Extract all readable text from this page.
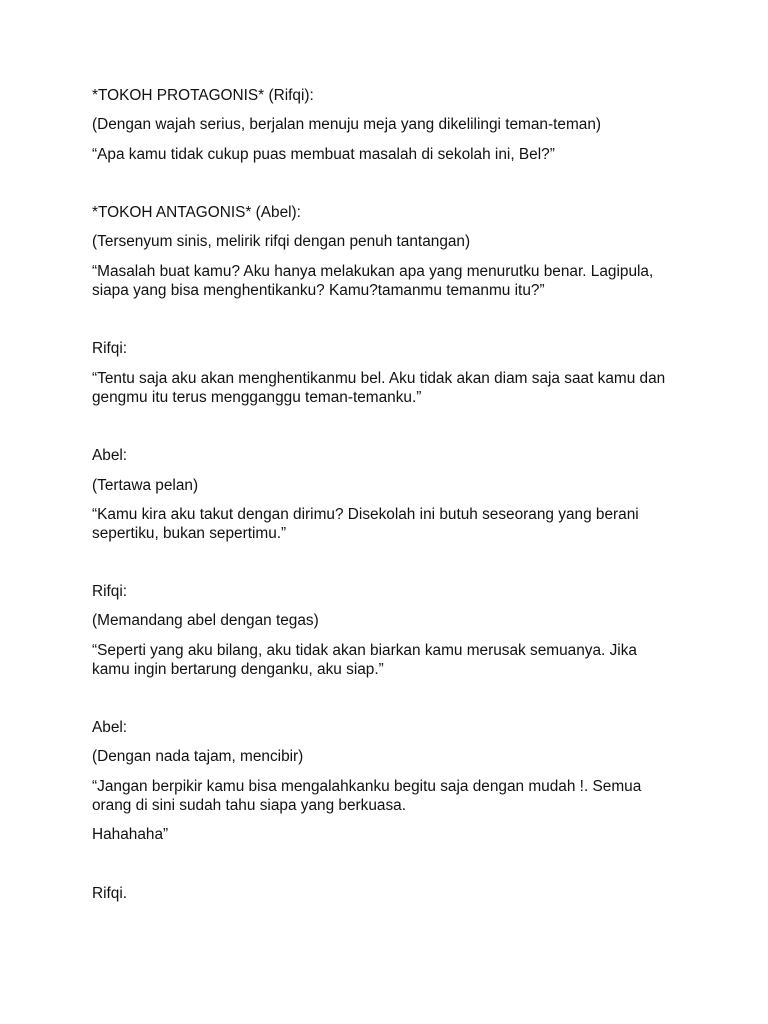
*TOKOH PROTAGONIS* (Rifqi):

(Dengan wajah serius, berjalan menuju meja yang dikelilingi teman-teman)

“Apa kamu tidak cukup puas membuat masalah di sekolah ini, Bel?”

*TOKOH ANTAGONIS* (Abel):

(Tersenyum sinis, melirik rifqi dengan penuh tantangan)

“Masalah buat kamu? Aku hanya melakukan apa yang menurutku benar. Lagipula,

siapa yang bisa menghentikanku? Kamu?tamanmu temanmu itu?”

Rifqi:

“Tentu saja aku akan menghentikanmu bel. Aku tidak akan diam saja saat kamu dan

gengmu itu terus mengganggu teman-temanku.”

Abel:

(Tertawa pelan)

“Kamu kira aku takut dengan dirimu? Disekolah ini butuh seseorang yang berani

sepertiku, bukan sepertimu.”

Rifqi:

(Memandang abel dengan tegas)

“Seperti yang aku bilang, aku tidak akan biarkan kamu merusak semuanya. Jika

kamu ingin bertarung denganku, aku siap.”

Abel:

(Dengan nada tajam, mencibir)

“Jangan berpikir kamu bisa mengalahkanku begitu saja dengan mudah !. Semua

orang di sini sudah tahu siapa yang berkuasa.

Hahahaha”

Rifqi.
